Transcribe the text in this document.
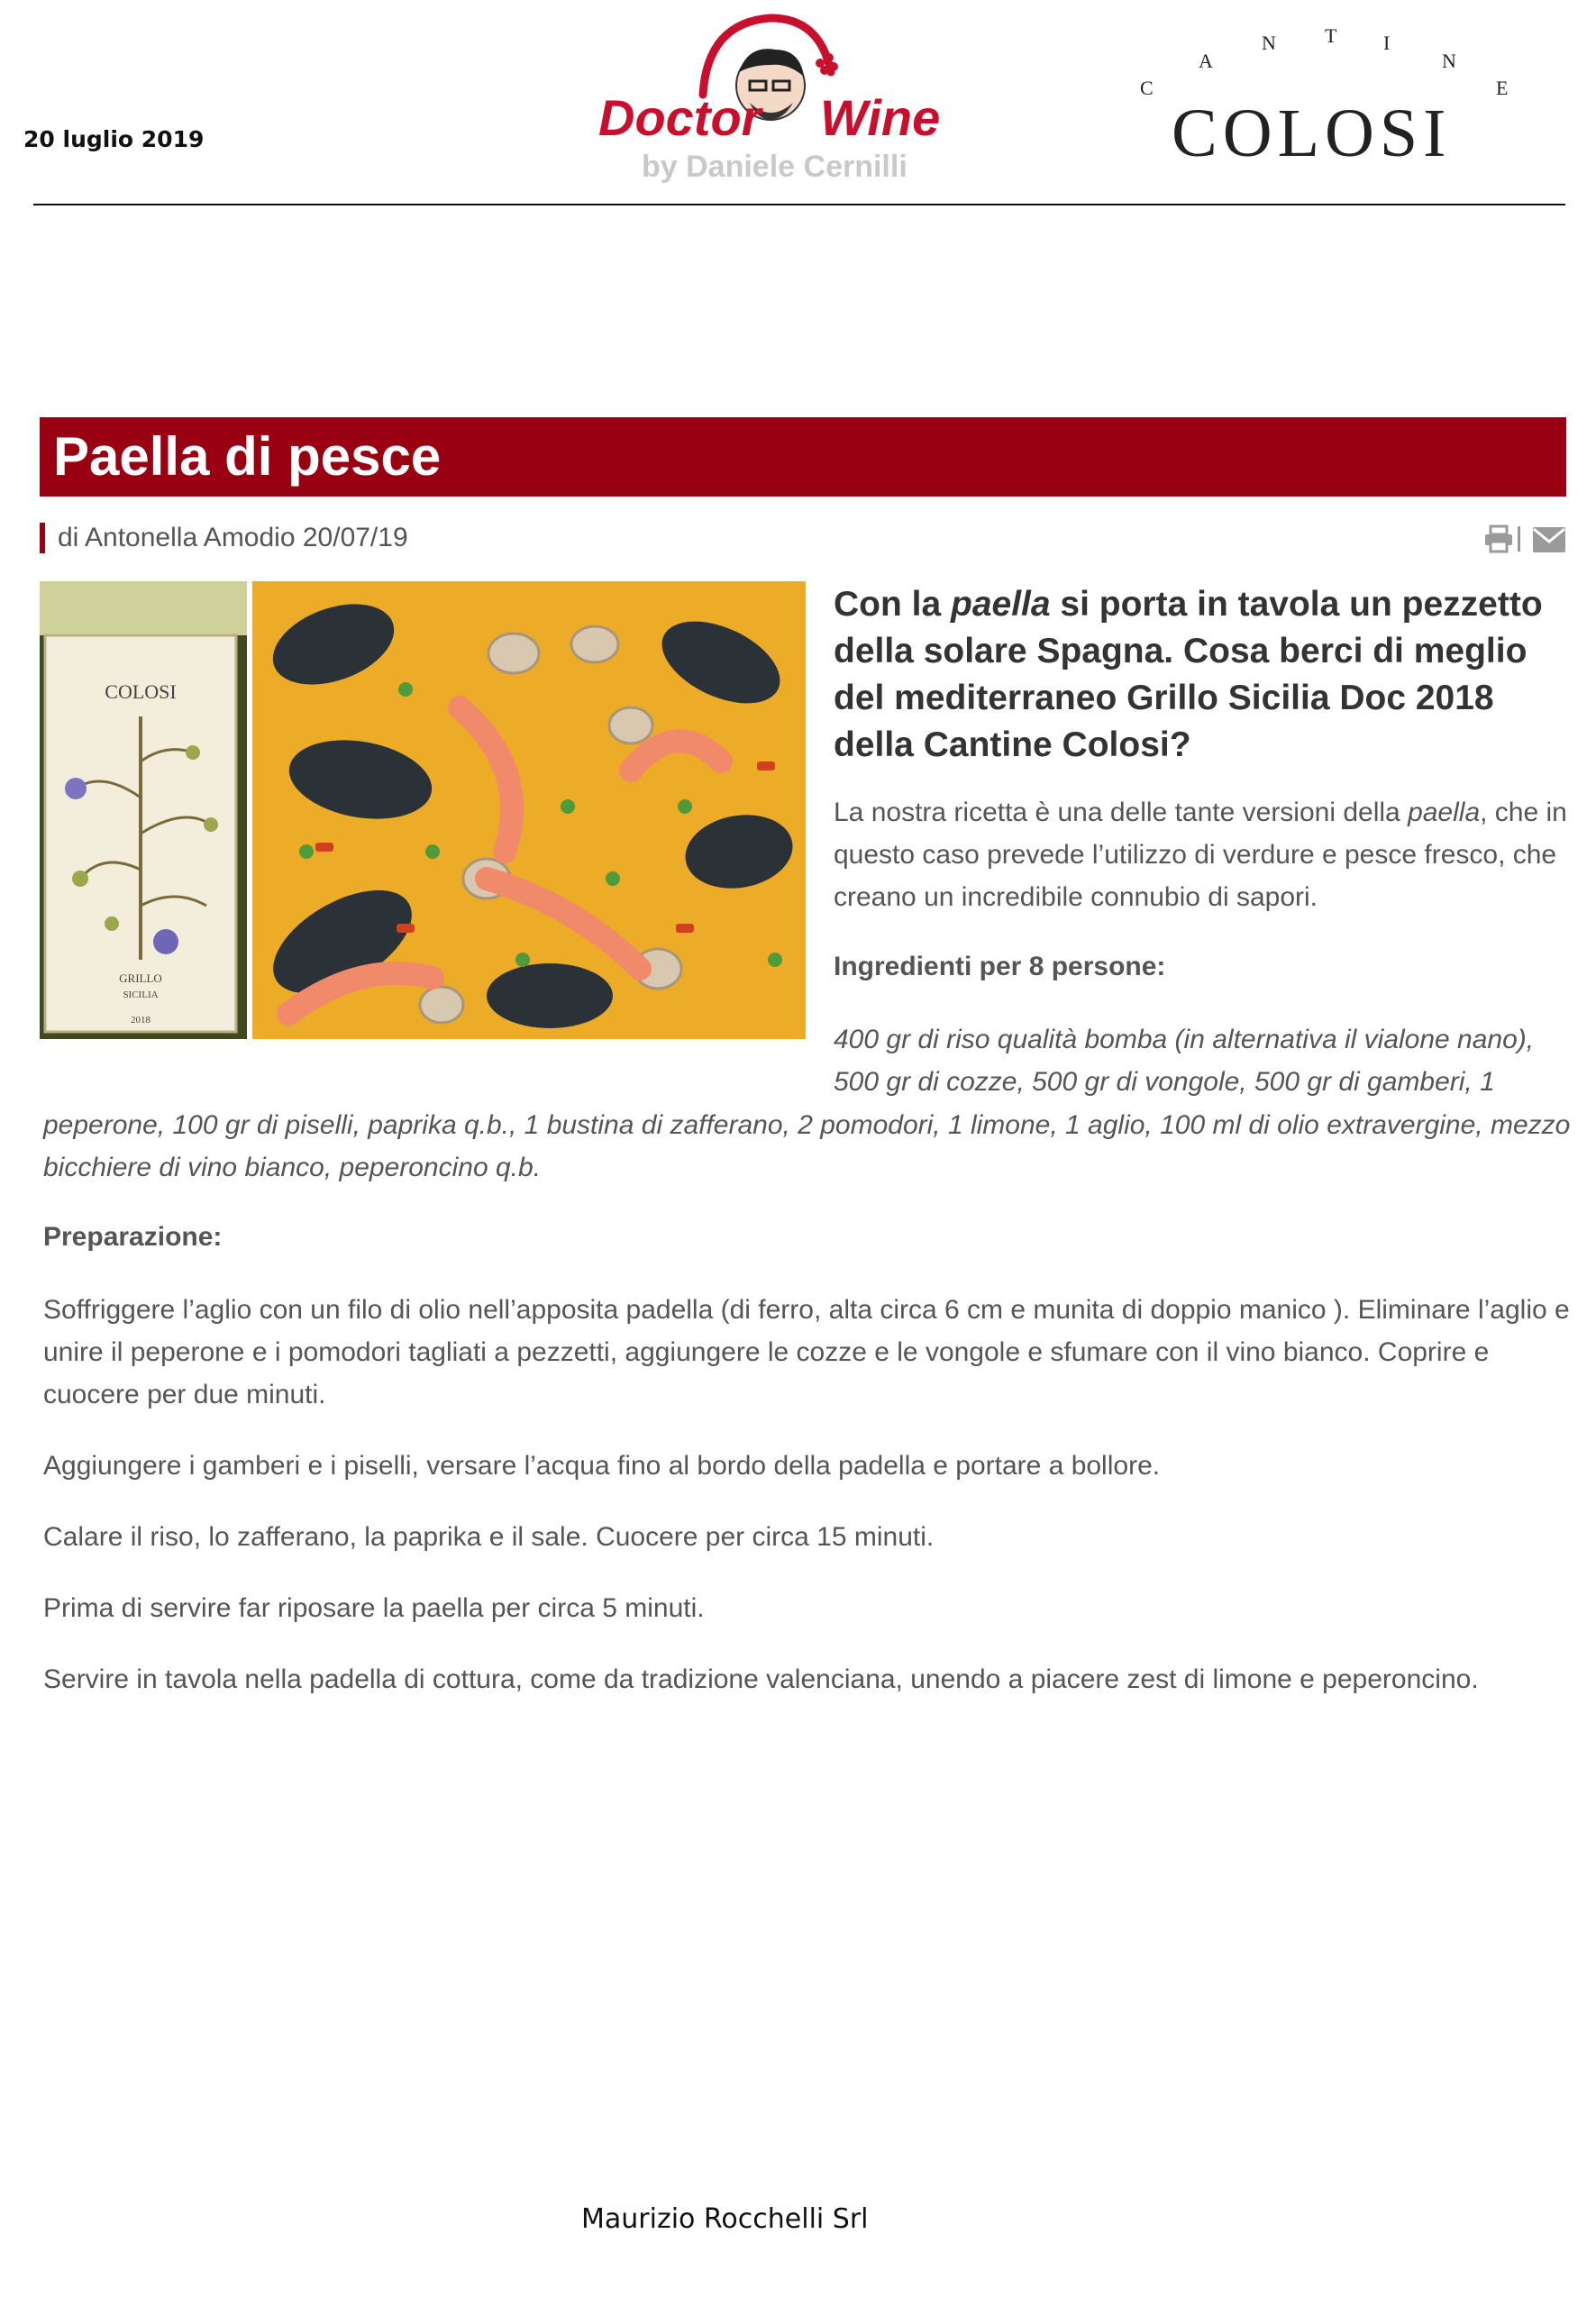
20 luglio 2019	Doctor Wine
by Daniele Cernilli
C
A
N T I
N
E
COLOSI
Paella di pesce
di Antonella Amodio 20/07/19
COLOSI
GRILLO
SICILIA
2018
Con la paella si porta in tavola un pezzetto della solare Spagna. Cosa berci di meglio del mediterraneo Grillo Sicilia Doc 2018 della Cantine Colosi?
La nostra ricetta è una delle tante versioni della paella, che in questo caso prevede l’utilizzo di verdure e pesce fresco, che creano un incredibile connubio di sapori.
Ingredienti per 8 persone:
400 gr di riso qualità bomba (in alternativa il vialone nano), 500 gr di cozze, 500 gr di vongole, 500 gr di gamberi, 1
peperone, 100 gr di piselli, paprika q.b., 1 bustina di zafferano, 2 pomodori, 1 limone, 1 aglio, 100 ml di olio extravergine, mezzo bicchiere di vino bianco, peperoncino q.b.
Preparazione:

Soffriggere l’aglio con un filo di olio nell’apposita padella (di ferro, alta circa 6 cm e munita di doppio manico ). Eliminare l’aglio e unire il peperone e i pomodori tagliati a pezzetti, aggiungere le cozze e le vongole e sfumare con il vino bianco. Coprire e cuocere per due minuti.

Aggiungere i gamberi e i piselli, versare l’acqua fino al bordo della padella e portare a bollore.

Calare il riso, lo zafferano, la paprika e il sale. Cuocere per circa 15 minuti.

Prima di servire far riposare la paella per circa 5 minuti.

Servire in tavola nella padella di cottura, come da tradizione valenciana, unendo a piacere zest di limone e peperoncino.

Maurizio Rocchelli Srl
